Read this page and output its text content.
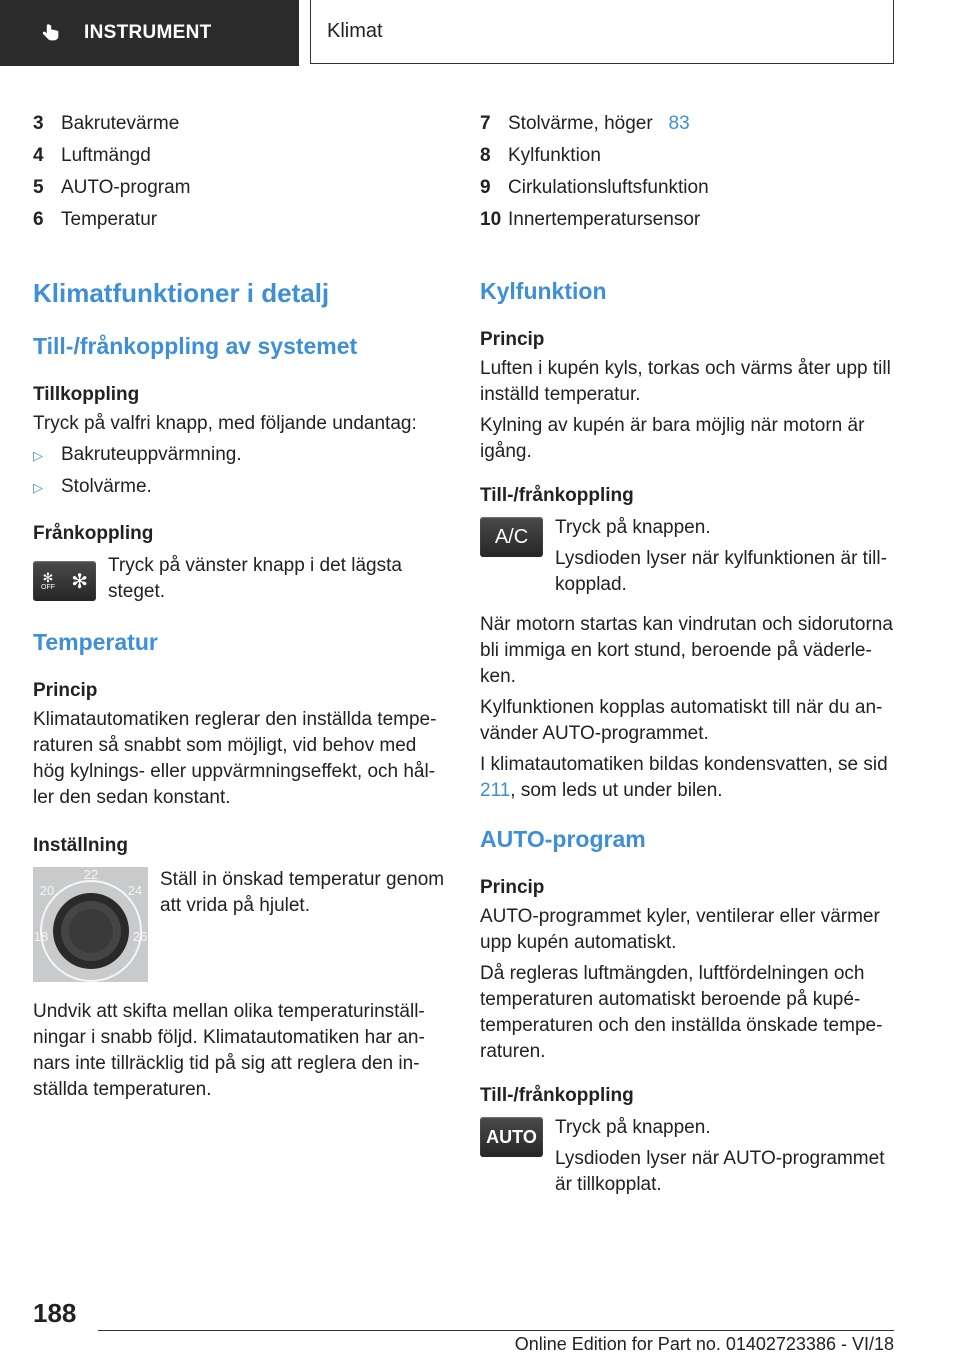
INSTRUMENT	Klimat
3 Bakrutevärme
4 Luftmängd
5 AUTO-program
6 Temperatur
Klimatfunktioner i detalj
Till-/frånkoppling av systemet
Tillkoppling

Tryck på valfri knapp, med följande undantag:

▷ Bakruteuppvärmning.
▷ Stolvärme.
Frånkoppling
✻
OFF ✻

Tryck på vänster knapp i det lägsta steget.

Temperatur
Princip

Klimatautomatiken reglerar den inställda tempe-raturen så snabbt som möjligt, vid behov med hög kylnings- eller uppvärmningseffekt, och hål-ler den sedan konstant.

Inställning
22
20	24
18	26

Ställ in önskad temperatur genom att vrida på hjulet.

Undvik att skifta mellan olika temperaturinställ-ningar i snabb följd. Klimatautomatiken har an-nars inte tillräcklig tid på sig att reglera den in-ställda temperaturen.

7 Stolvärme, höger 83
8 Kylfunktion
9 Cirkulationsluftsfunktion
10 Innertemperatursensor
Kylfunktion
Princip

Luften i kupén kyls, torkas och värms åter upp till inställd temperatur.

Kylning av kupén är bara möjlig när motorn är igång.

Till-/frånkoppling
A/C Tryck på knappen.

Lysdioden lyser när kylfunktionen är till-kopplad.

När motorn startas kan vindrutan och sidorutorna bli immiga en kort stund, beroende på väderle-ken.

Kylfunktionen kopplas automatiskt till när du an-vänder AUTO-programmet.

I klimatautomatiken bildas kondensvatten, se sid 211, som leds ut under bilen.

AUTO-program
Princip

AUTO-programmet kyler, ventilerar eller värmer upp kupén automatiskt.

Då regleras luftmängden, luftfördelningen och temperaturen automatiskt beroende på kupé-temperaturen och den inställda önskade tempe-raturen.

Till-/frånkoppling
AUTO Tryck på knappen.

Lysdioden lyser när AUTO-programmet är tillkopplat.

188
Online Edition for Part no. 01402723386 - VI/18
